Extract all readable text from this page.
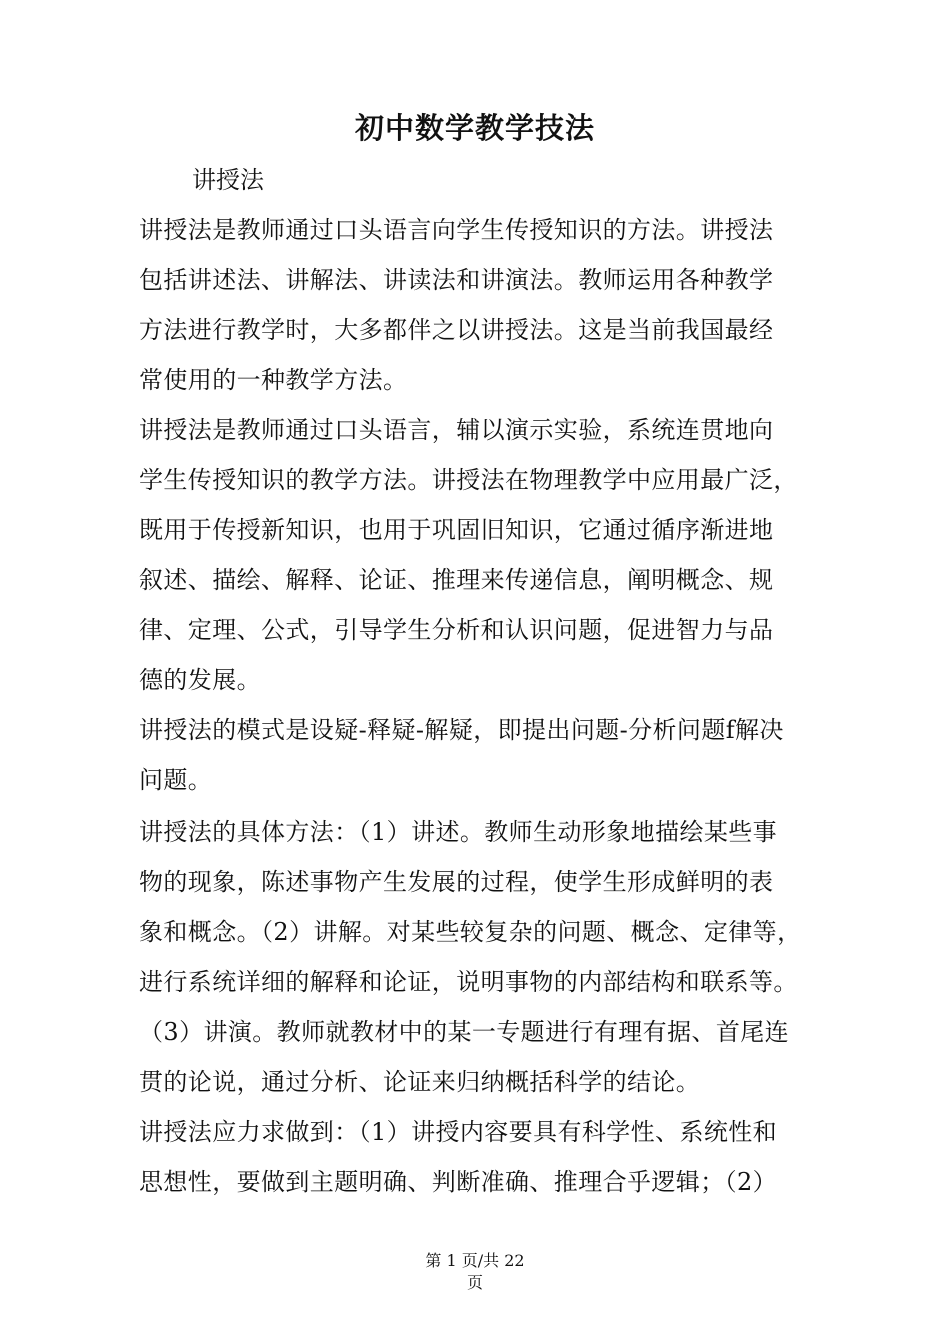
初中数学教学技法
讲授法
讲授法是教师通过口头语言向学生传授知识的方法。讲授法
包括讲述法、讲解法、讲读法和讲演法。教师运用各种教学
方法进行教学时，大多都伴之以讲授法。这是当前我国最经
常使用的一种教学方法。
讲授法是教师通过口头语言，辅以演示实验，系统连贯地向
学生传授知识的教学方法。讲授法在物理教学中应用最广泛，
既用于传授新知识，也用于巩固旧知识，它通过循序渐进地
叙述、描绘、解释、论证、推理来传递信息，阐明概念、规
律、定理、公式，引导学生分析和认识问题，促进智力与品
德的发展。
讲授法的模式是设疑-释疑-解疑，即提出问题-分析问题f解决
问题。
讲授法的具体方法：（1）讲述。教师生动形象地描绘某些事
物的现象，陈述事物产生发展的过程，使学生形成鲜明的表
象和概念。（2）讲解。对某些较复杂的问题、概念、定律等，
进行系统详细的解释和论证，说明事物的内部结构和联系等。
（3）讲演。教师就教材中的某一专题进行有理有据、首尾连
贯的论说，通过分析、论证来归纳概括科学的结论。
讲授法应力求做到：（1）讲授内容要具有科学性、系统性和
思想性，要做到主题明确、判断准确、推理合乎逻辑；（2）
第 1 页/共 22
页
